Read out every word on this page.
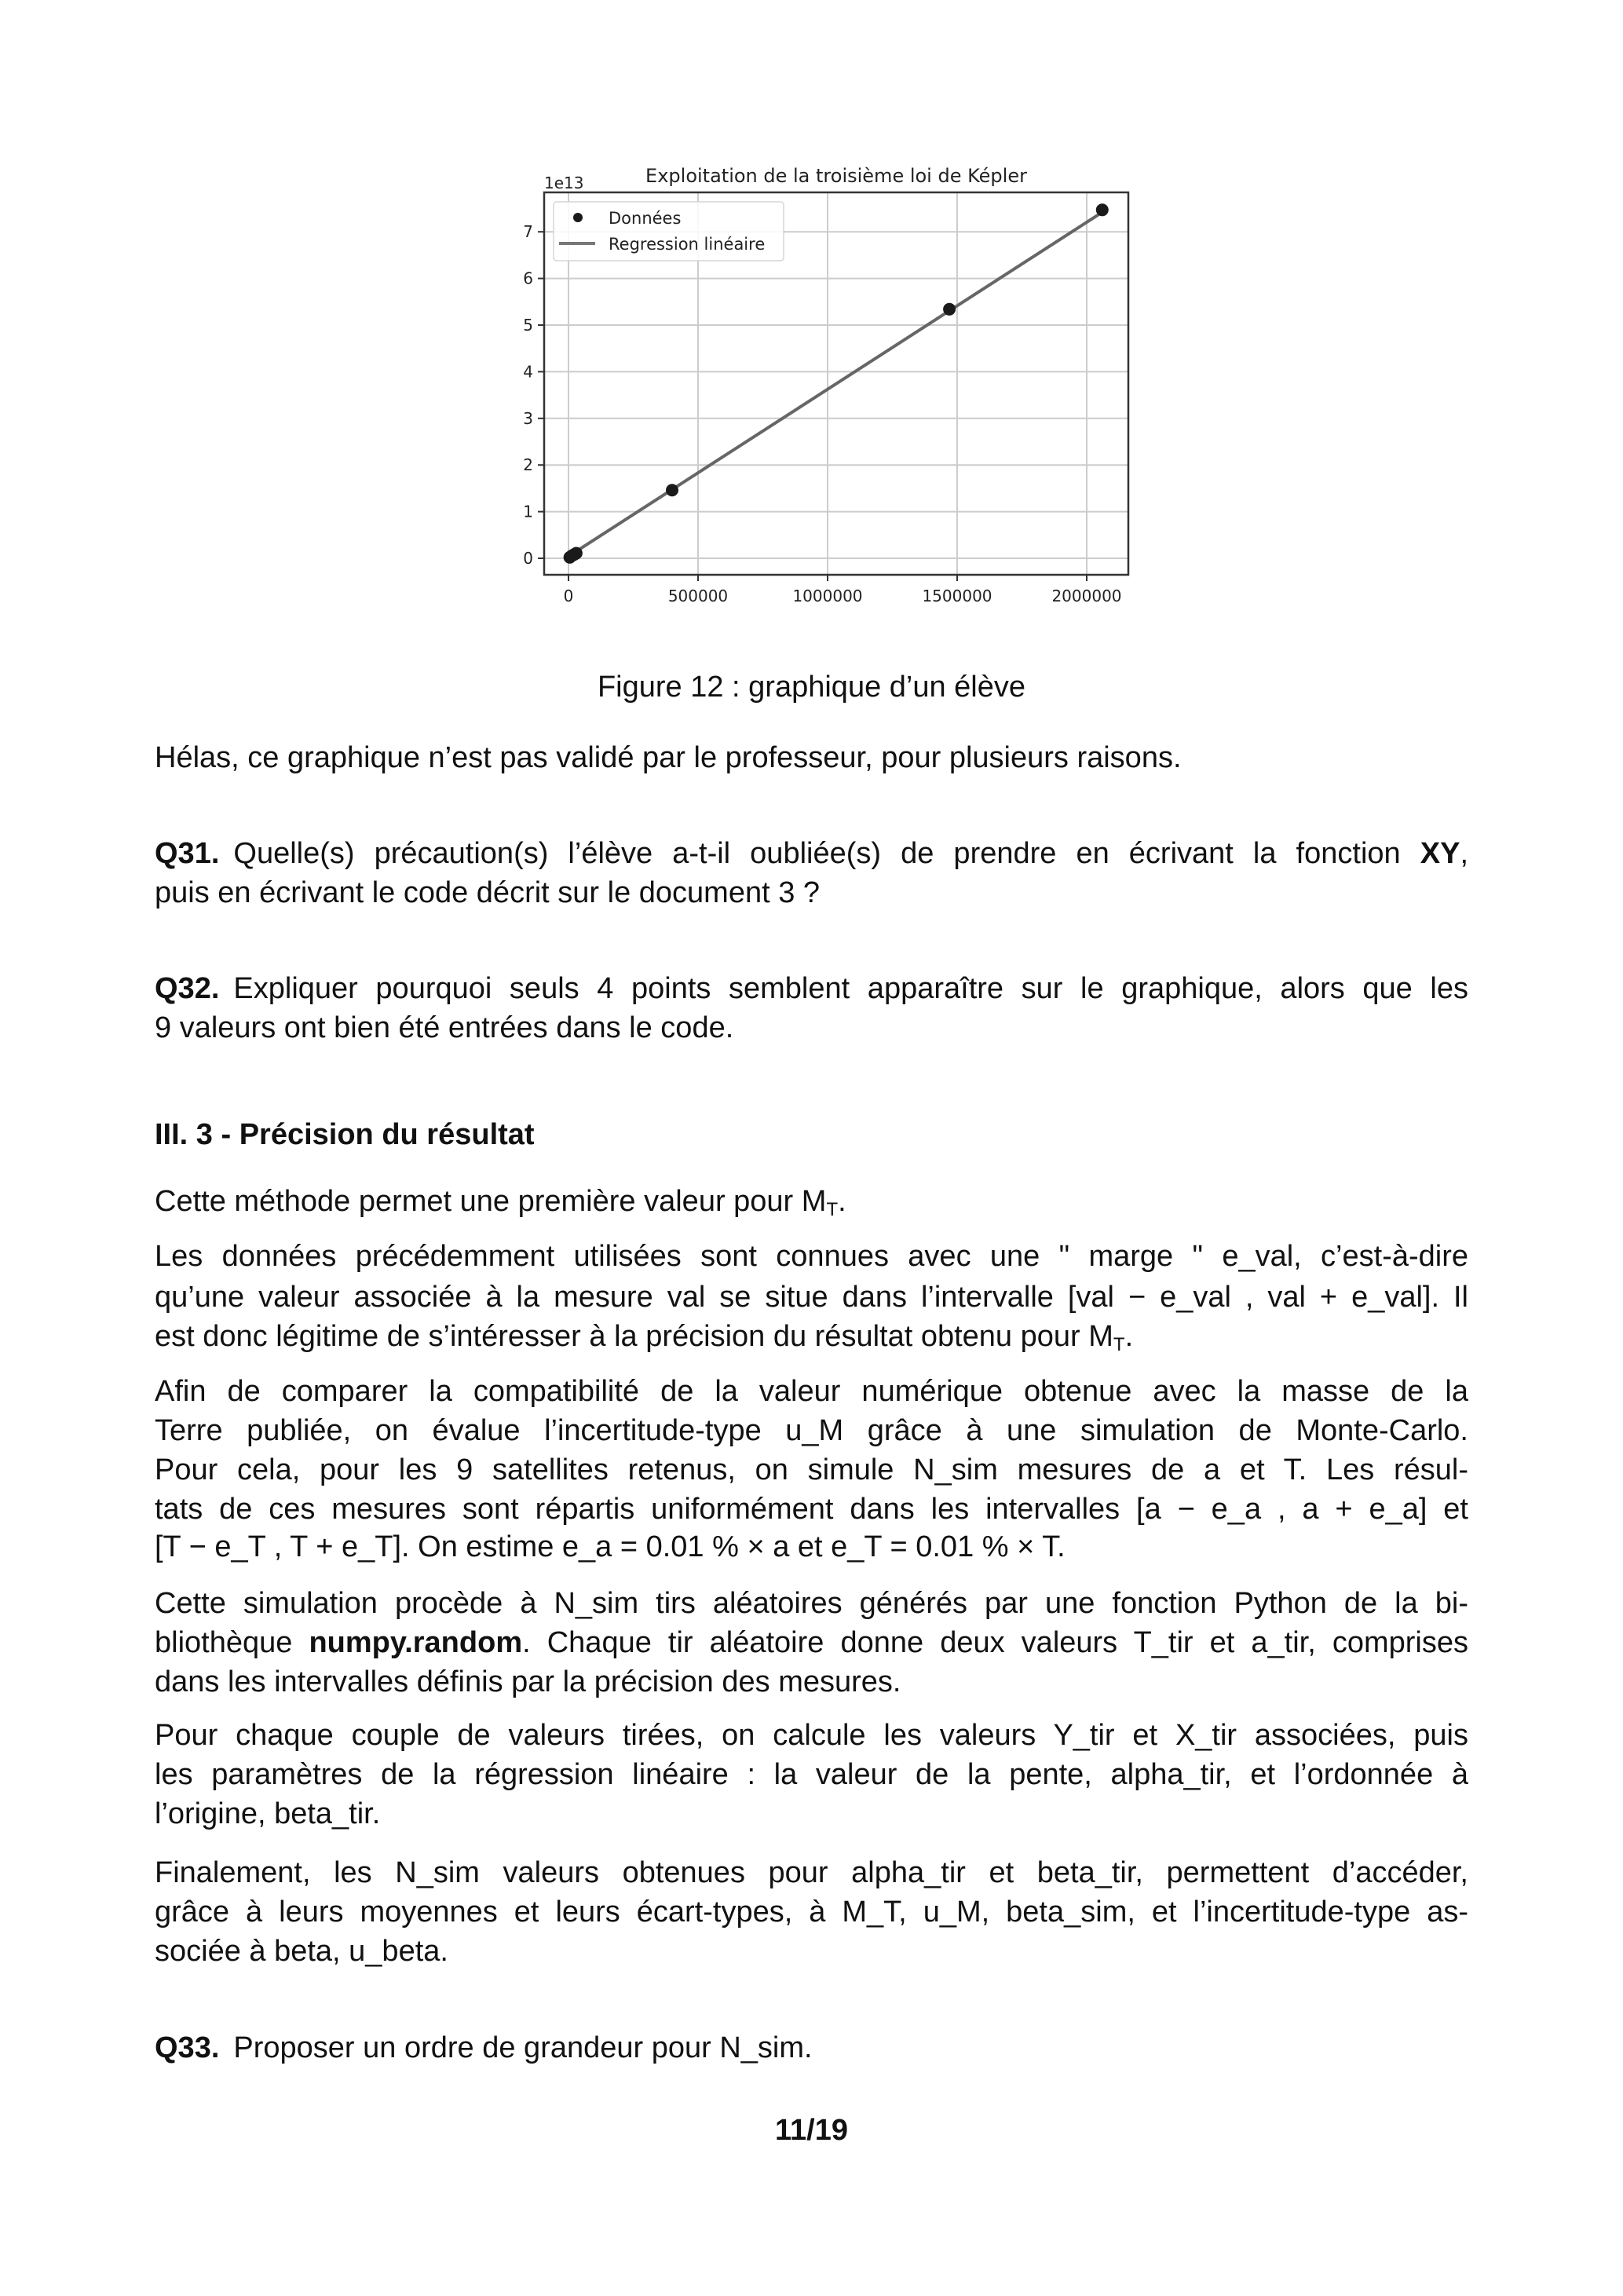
0	500000	1000000	1500000	2000000
0
1
2
3
4
5
6
7
Données
Regression linéaire
Exploitation de la troisième loi de Képler
1e13
Figure 12 : graphique d’un élève
Hélas, ce graphique n’est pas validé par le professeur, pour plusieurs raisons.
Q31. Quelle(s) précaution(s) l’élève a-t-il oubliée(s) de prendre en écrivant la fonction XY,
puis en écrivant le code décrit sur le document 3 ?
Q32. Expliquer pourquoi seuls 4 points semblent apparaître sur le graphique, alors que les
9 valeurs ont bien été entrées dans le code.
III. 3 - Précision du résultat
Cette méthode permet une première valeur pour $M_T$.
Les données précédemment utilisées sont connues avec une " marge " e_val, c’est-à-dire
qu’une valeur associée à la mesure val se situe dans l’intervalle [val − e_val , val + e_val]. Il
est donc légitime de s’intéresser à la précision du résultat obtenu pour $M_T$.
Afin de comparer la compatibilité de la valeur numérique obtenue avec la masse de la
Terre publiée, on évalue l’incertitude-type u_M grâce à une simulation de Monte-Carlo.
Pour cela, pour les 9 satellites retenus, on simule N_sim mesures de a et T. Les résul-
tats de ces mesures sont répartis uniformément dans les intervalles [a − e_a , a + e_a] et
[T − e_T , T + e_T]. On estime e_a = 0.01 % × a et e_T = 0.01 % × T.
Cette simulation procède à N_sim tirs aléatoires générés par une fonction Python de la bi-
bliothèque numpy.random. Chaque tir aléatoire donne deux valeurs T_tir et a_tir, comprises
dans les intervalles définis par la précision des mesures.
Pour chaque couple de valeurs tirées, on calcule les valeurs Y_tir et X_tir associées, puis
les paramètres de la régression linéaire : la valeur de la pente, alpha_tir, et l’ordonnée à
l’origine, beta_tir.
Finalement, les N_sim valeurs obtenues pour alpha_tir et beta_tir, permettent d’accéder,
grâce à leurs moyennes et leurs écart-types, à M_T, u_M, beta_sim, et l’incertitude-type as-
sociée à beta, u_beta.
Q33. Proposer un ordre de grandeur pour N_sim.
11/19
